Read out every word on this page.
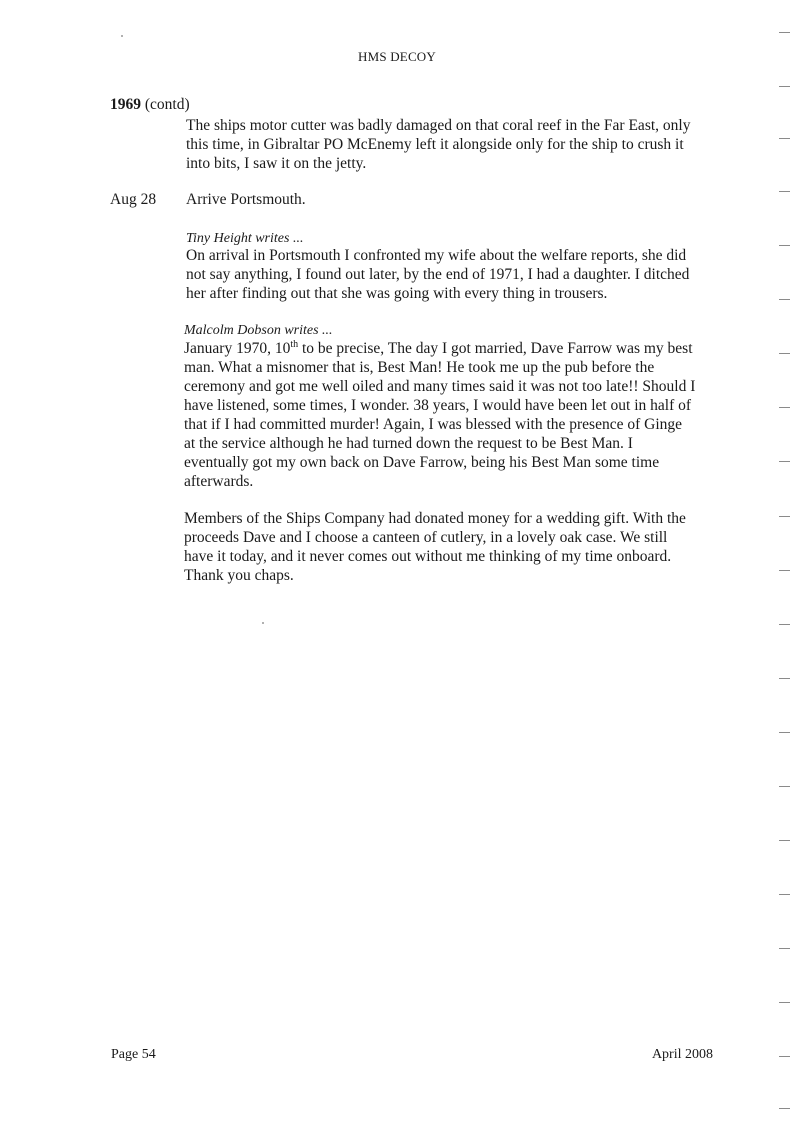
HMS DECOY
1969 (contd)
The ships motor cutter was badly damaged on that coral reef in the Far East, only
this time, in Gibraltar PO McEnemy left it alongside only for the ship to crush it
into bits, I saw it on the jetty.
Aug 28 Arrive Portsmouth.
Tiny Height writes ...
On arrival in Portsmouth I confronted my wife about the welfare reports, she did
not say anything, I found out later, by the end of 1971, I had a daughter. I ditched
her after finding out that she was going with every thing in trousers.
Malcolm Dobson writes ...
January 1970, 10th to be precise, The day I got married, Dave Farrow was my best
man. What a misnomer that is, Best Man! He took me up the pub before the
ceremony and got me well oiled and many times said it was not too late!! Should I
have listened, some times, I wonder. 38 years, I would have been let out in half of
that if I had committed murder! Again, I was blessed with the presence of Ginge
at the service although he had turned down the request to be Best Man. I
eventually got my own back on Dave Farrow, being his Best Man some time
afterwards.
Members of the Ships Company had donated money for a wedding gift. With the
proceeds Dave and I choose a canteen of cutlery, in a lovely oak case. We still
have it today, and it never comes out without me thinking of my time onboard.
Thank you chaps.
Page 54	April 2008
